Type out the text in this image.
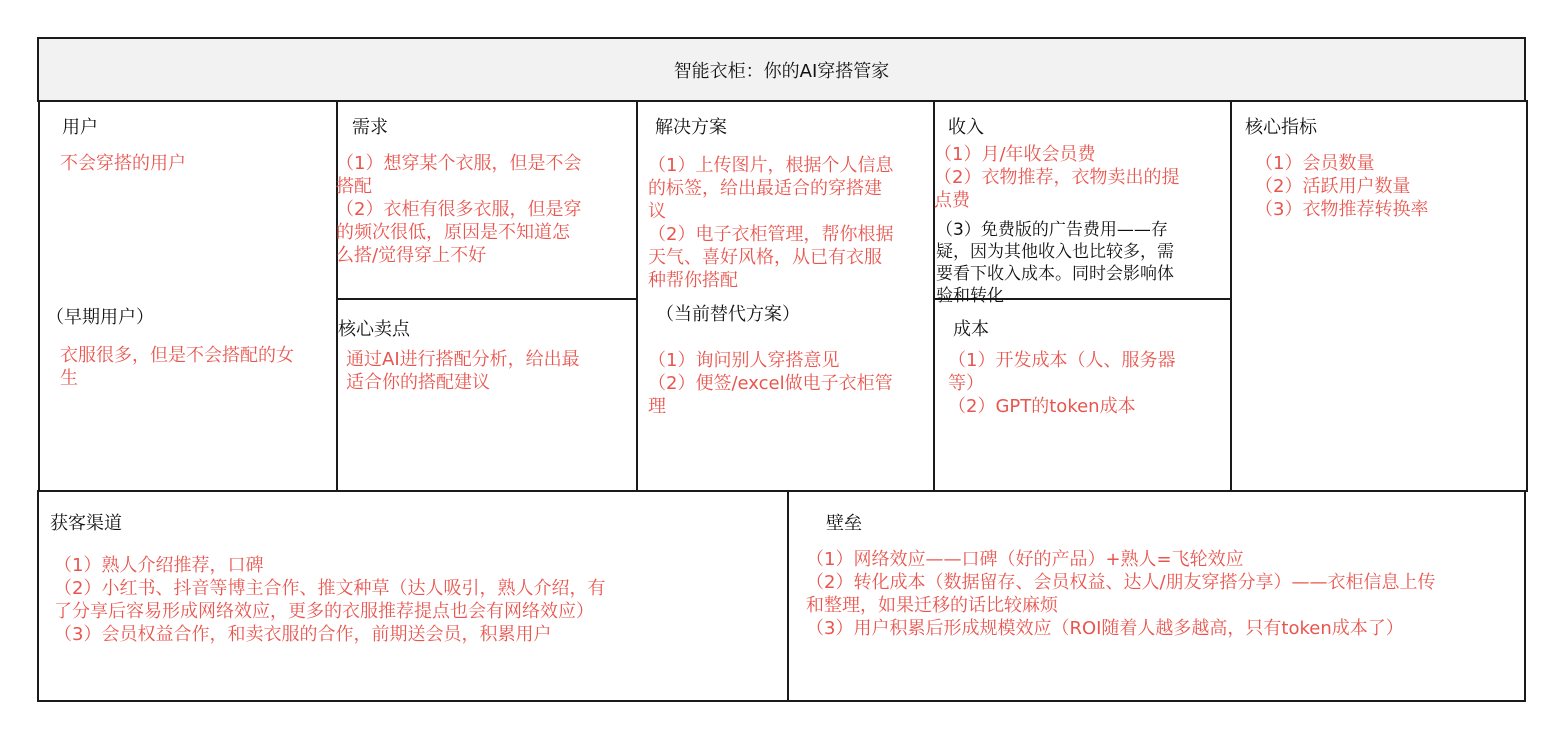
智能衣柜：你的AI穿搭管家

用户

不会穿搭的用户

（早期用户）

衣服很多，但是不会搭配的女
生

需求

（1）想穿某个衣服，但是不会
搭配
（2）衣柜有很多衣服，但是穿
的频次很低，原因是不知道怎
么搭/觉得穿上不好

核心卖点

通过AI进行搭配分析，给出最
适合你的搭配建议

解决方案

（1）上传图片，根据个人信息
的标签，给出最适合的穿搭建
议
（2）电子衣柜管理，帮你根据
天气、喜好风格，从已有衣服
种帮你搭配

（当前替代方案）

（1）询问别人穿搭意见
（2）便签/excel做电子衣柜管
理

收入

（1）月/年收会员费
（2）衣物推荐，衣物卖出的提
点费

（3）免费版的广告费用——存
疑，因为其他收入也比较多，需
要看下收入成本。同时会影响体
验和转化

成本

（1）开发成本（人、服务器
等）
（2）GPT的token成本

核心指标

（1）会员数量
（2）活跃用户数量
（3）衣物推荐转换率

获客渠道

（1）熟人介绍推荐，口碑
（2）小红书、抖音等博主合作、推文种草（达人吸引，熟人介绍，有
了分享后容易形成网络效应，更多的衣服推荐提点也会有网络效应）
（3）会员权益合作，和卖衣服的合作，前期送会员，积累用户

壁垒

（1）网络效应——口碑（好的产品）+熟人=飞轮效应
（2）转化成本（数据留存、会员权益、达人/朋友穿搭分享）——衣柜信息上传
和整理，如果迁移的话比较麻烦
（3）用户积累后形成规模效应（ROI随着人越多越高，只有token成本了）
